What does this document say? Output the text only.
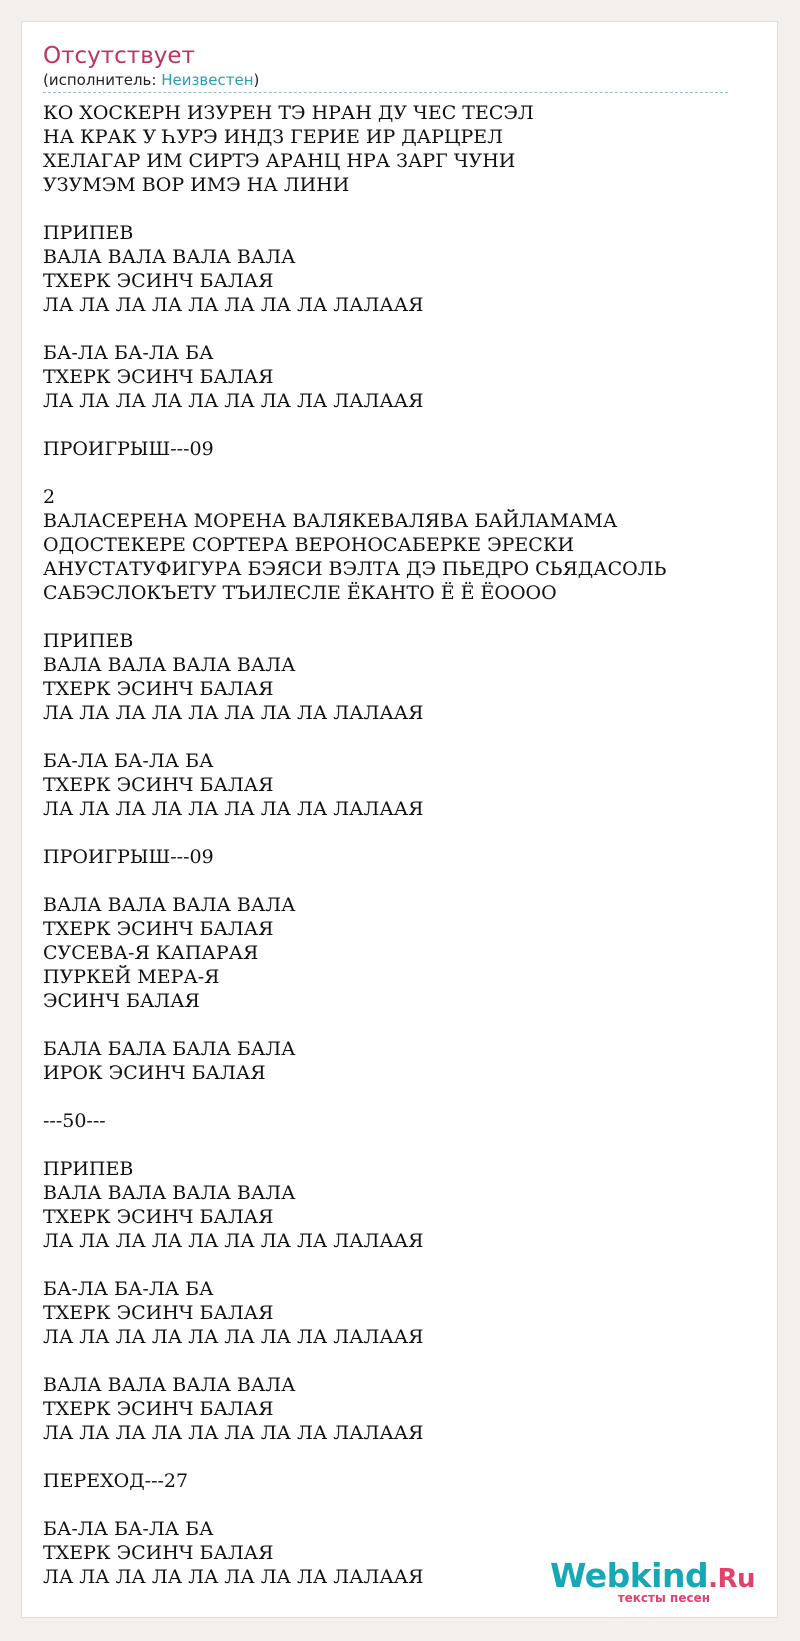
Отсутствует
(исполнитель: Неизвестен)
КО ХОСКЕРН ИЗУРЕН ТЭ НРАН ДУ ЧЕС ТЕСЭЛ
НА КРАК У ҺУРЭ ИНДЗ ГЕРИЕ ИР ДАРЦРЕЛ
ХЕЛАГАР ИМ СИРТЭ АРАНЦ НРА ЗАРГ ЧУНИ
УЗУМЭМ ВОР ИМЭ НА ЛИНИ
ПРИПЕВ
ВАЛА ВАЛА ВАЛА ВАЛА
ТХЕРК ЭСИНЧ БАЛАЯ
ЛА ЛА ЛА ЛА ЛА ЛА ЛА ЛА ЛАЛААЯ
БА-ЛА БА-ЛА БА
ТХЕРК ЭСИНЧ БАЛАЯ
ЛА ЛА ЛА ЛА ЛА ЛА ЛА ЛА ЛАЛААЯ
ПРОИГРЫШ---09
2
ВАЛАСЕРЕНА МОРЕНА ВАЛЯКЕВАЛЯВА БАЙЛАМАМА
ОДОСТЕКЕРЕ СОРТЕРА ВЕРОНОСАБЕРКЕ ЭРЕСКИ
АНУСТАТУФИГУРА БЭЯСИ ВЭЛТА ДЭ ПЬЕДРО СЬЯДАСОЛЬ
САБЭСЛОКЪЕТУ ТЪИЛЕСЛЕ ЁКАНТО Ё Ё ЁОООО
ПРИПЕВ
ВАЛА ВАЛА ВАЛА ВАЛА
ТХЕРК ЭСИНЧ БАЛАЯ
ЛА ЛА ЛА ЛА ЛА ЛА ЛА ЛА ЛАЛААЯ
БА-ЛА БА-ЛА БА
ТХЕРК ЭСИНЧ БАЛАЯ
ЛА ЛА ЛА ЛА ЛА ЛА ЛА ЛА ЛАЛААЯ
ПРОИГРЫШ---09
ВАЛА ВАЛА ВАЛА ВАЛА
ТХЕРК ЭСИНЧ БАЛАЯ
СУСЕВА-Я КАПАРАЯ
ПУРКЕЙ МЕРА-Я
ЭСИНЧ БАЛАЯ
БАЛА БАЛА БАЛА БАЛА
ИРОК ЭСИНЧ БАЛАЯ
---50---
ПРИПЕВ
ВАЛА ВАЛА ВАЛА ВАЛА
ТХЕРК ЭСИНЧ БАЛАЯ
ЛА ЛА ЛА ЛА ЛА ЛА ЛА ЛА ЛАЛААЯ
БА-ЛА БА-ЛА БА
ТХЕРК ЭСИНЧ БАЛАЯ
ЛА ЛА ЛА ЛА ЛА ЛА ЛА ЛА ЛАЛААЯ
ВАЛА ВАЛА ВАЛА ВАЛА
ТХЕРК ЭСИНЧ БАЛАЯ
ЛА ЛА ЛА ЛА ЛА ЛА ЛА ЛА ЛАЛААЯ
ПЕРЕХОД---27
БА-ЛА БА-ЛА БА
ТХЕРК ЭСИНЧ БАЛАЯ
ЛА ЛА ЛА ЛА ЛА ЛА ЛА ЛА ЛАЛААЯ	Webkind.Ru
тексты песен
